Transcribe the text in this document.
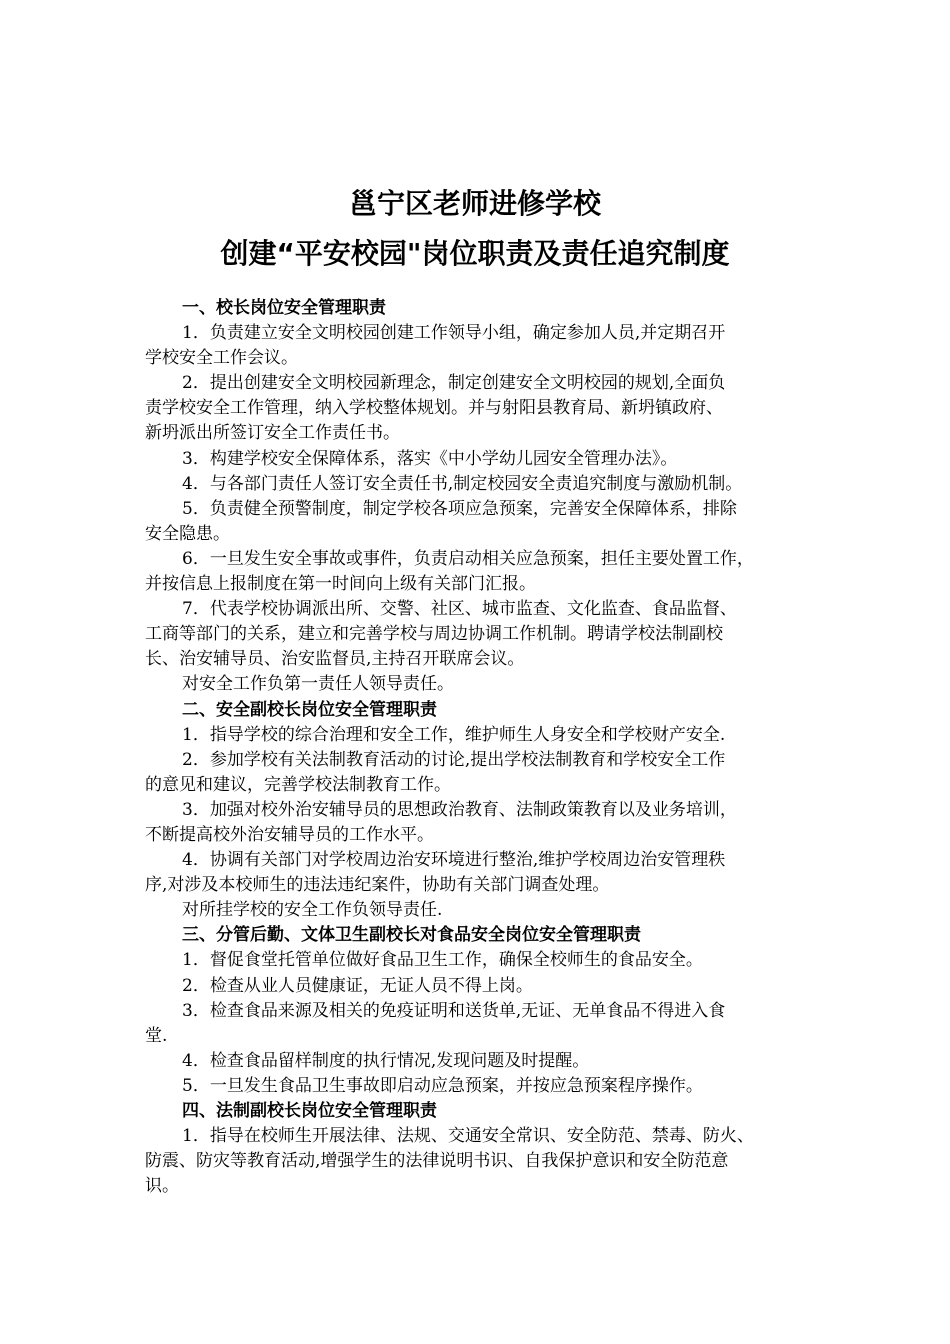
邕宁区老师进修学校
创建“平安校园"岗位职责及责任追究制度
一、校长岗位安全管理职责
1．负责建立安全文明校园创建工作领导小组，确定参加人员,并定期召开
学校安全工作会议。
2．提出创建安全文明校园新理念，制定创建安全文明校园的规划,全面负
责学校安全工作管理，纳入学校整体规划。并与射阳县教育局、新坍镇政府、
新坍派出所签订安全工作责任书。
3．构建学校安全保障体系，落实《中小学幼儿园安全管理办法》。
4．与各部门责任人签订安全责任书,制定校园安全责追究制度与激励机制。
5．负责健全预警制度，制定学校各项应急预案，完善安全保障体系，排除
安全隐患。
6．一旦发生安全事故或事件，负责启动相关应急预案，担任主要处置工作，
并按信息上报制度在第一时间向上级有关部门汇报。
7．代表学校协调派出所、交警、社区、城市监查、文化监查、食品监督、
工商等部门的关系，建立和完善学校与周边协调工作机制。聘请学校法制副校
长、治安辅导员、治安监督员,主持召开联席会议。
对安全工作负第一责任人领导责任。
二、安全副校长岗位安全管理职责
1．指导学校的综合治理和安全工作，维护师生人身安全和学校财产安全.
2．参加学校有关法制教育活动的讨论,提出学校法制教育和学校安全工作
的意见和建议，完善学校法制教育工作。
3．加强对校外治安辅导员的思想政治教育、法制政策教育以及业务培训，
不断提高校外治安辅导员的工作水平。
4．协调有关部门对学校周边治安环境进行整治,维护学校周边治安管理秩
序,对涉及本校师生的违法违纪案件，协助有关部门调查处理。
对所挂学校的安全工作负领导责任.
三、分管后勤、文体卫生副校长对食品安全岗位安全管理职责
1．督促食堂托管单位做好食品卫生工作，确保全校师生的食品安全。
2．检查从业人员健康证，无证人员不得上岗。
3．检查食品来源及相关的免疫证明和送货单,无证、无单食品不得进入食
堂.
4．检查食品留样制度的执行情况,发现问题及时提醒。
5．一旦发生食品卫生事故即启动应急预案，并按应急预案程序操作。
四、法制副校长岗位安全管理职责
1．指导在校师生开展法律、法规、交通安全常识、安全防范、禁毒、防火、
防震、防灾等教育活动,增强学生的法律说明书识、自我保护意识和安全防范意
识。
